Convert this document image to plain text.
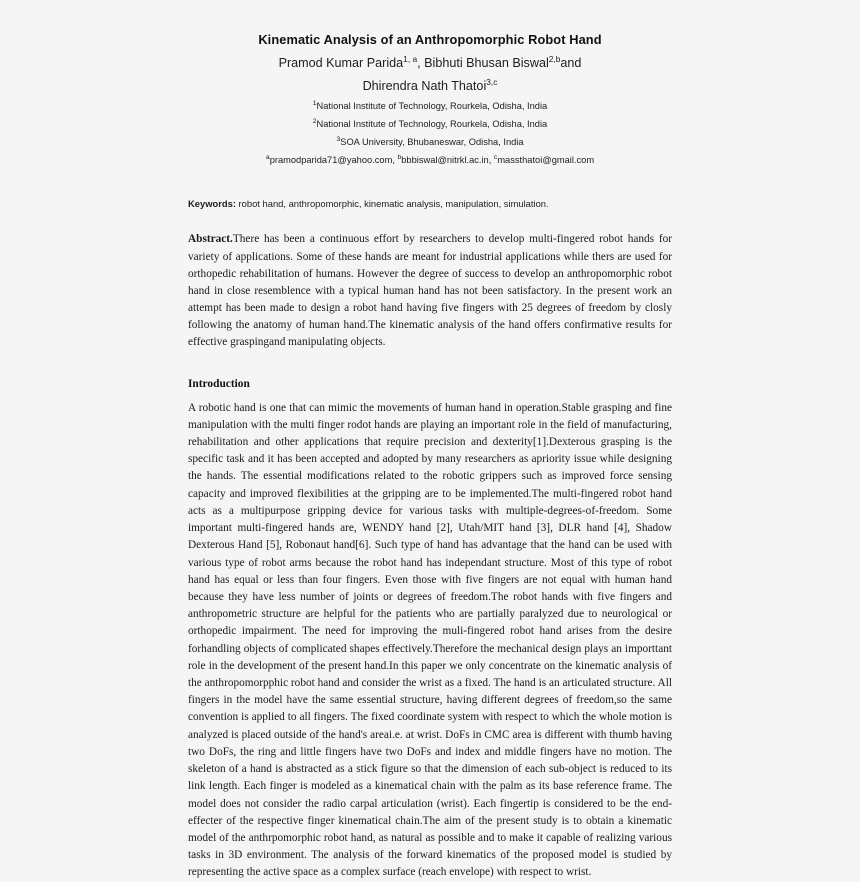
Kinematic Analysis of an Anthropomorphic Robot Hand

Pramod Kumar Parida$^{1, a}$, Bibhuti Bhusan Biswal$^{2,b}$and

Dhirendra Nath Thatoi$^{3,c}$

$^1$National Institute of Technology, Rourkela, Odisha, India

$^2$National Institute of Technology, Rourkela, Odisha, India

$^3$SOA University, Bhubaneswar, Odisha, India

$^a$pramodparida71@yahoo.com, $^b$bbbiswal@nitrkl.ac.in, $^c$massthatoi@gmail.com

Keywords: robot hand, anthropomorphic, kinematic analysis, manipulation, simulation.

Abstract.There has been a continuous effort by researchers to develop multi-fingered robot hands for variety of applications. Some of these hands are meant for industrial applications while thers are used for orthopedic rehabilitation of humans. However the degree of success to develop an anthropomorphic robot hand in close resemblence with a typical human hand has not been satisfactory. In the present work an attempt has been made to design a robot hand having five fingers with 25 degrees of freedom by closly following the anatomy of human hand.The kinematic analysis of the hand offers confirmative results for effective graspingand manipulating objects.

Introduction

A robotic hand is one that can mimic the movements of human hand in operation.Stable grasping and fine manipulation with the multi finger rodot hands are playing an important role in the field of manufacturing, rehabilitation and other applications that require precision and dexterity[1].Dexterous grasping is the specific task and it has been accepted and adopted by many researchers as apriority issue while designing the hands. The essential modifications related to the robotic grippers such as improved force sensing capacity and improved flexibilities at the gripping are to be implemented.The multi-fingered robot hand acts as a multipurpose gripping device for various tasks with multiple-degrees-of-freedom. Some important multi-fingered hands are, WENDY hand [2], Utah/MIT hand [3], DLR hand [4], Shadow Dexterous Hand [5], Robonaut hand[6]. Such type of hand has advantage that the hand can be used with various type of robot arms because the robot hand has independant structure. Most of this type of robot hand has equal or less than four fingers. Even those with five fingers are not equal with human hand because they have less number of joints or degrees of freedom.The robot hands with five fingers and anthropometric structure are helpful for the patients who are partially paralyzed due to neurological or orthopedic impairment. The need for improving the muli-fingered robot hand arises from the desire forhandling objects of complicated shapes effectively.Therefore the mechanical design plays an importtant role in the development of the present hand.In this paper we only concentrate on the kinematic analysis of the anthropomorpphic robot hand and consider the wrist as a fixed. The hand is an articulated structure. All fingers in the model have the same essential structure, having different degrees of freedom,so the same convention is applied to all fingers. The fixed coordinate system with respect to which the whole motion is analyzed is placed outside of the hand's areai.e. at wrist. DoFs in CMC area is different with thumb having two DoFs, the ring and little fingers have two DoFs and index and middle fingers have no motion. The skeleton of a hand is abstracted as a stick figure so that the dimension of each sub-object is reduced to its link length. Each finger is modeled as a kinematical chain with the palm as its base reference frame. The model does not consider the radio carpal articulation (wrist). Each fingertip is considered to be the end-effecter of the respective finger kinematical chain.The aim of the present study is to obtain a kinematic model of the anthrpomorphic robot hand, as natural as possible and to make it capable of realizing various tasks in 3D environment. The analysis of the forward kinematics of the proposed model is studied by representing the active space as a complex surface (reach envelope) with respect to wrist.
